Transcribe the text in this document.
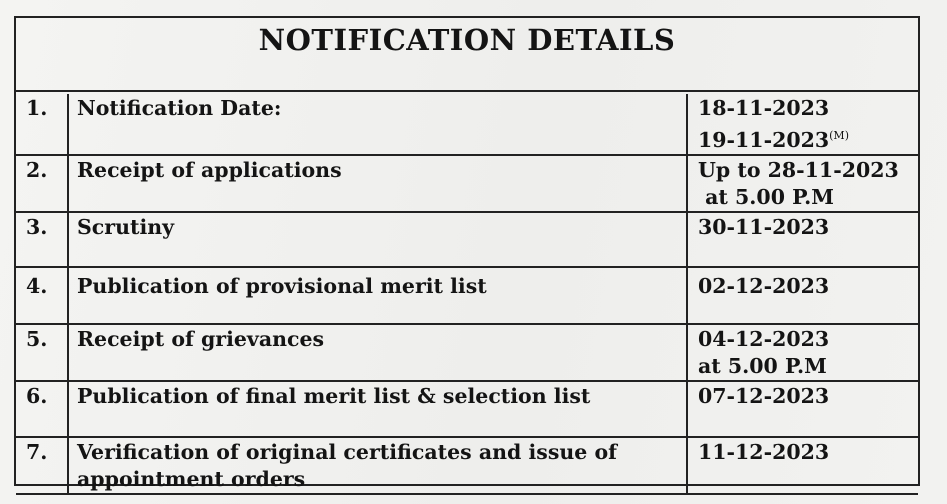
NOTIFICATION DETAILS
1.	Notification Date:	18-11-2023
$19-11-2023^{(M)}$
2.	Receipt of applications	Up to 28-11-2023
at 5.00 P.M
3.	Scrutiny	30-11-2023
4.	Publication of provisional merit list	02-12-2023
5.	Receipt of grievances	04-12-2023
at 5.00 P.M
6.	Publication of final merit list & selection list	07-12-2023
7.	Verification of original certificates and issue of appointment orders	11-12-2023
